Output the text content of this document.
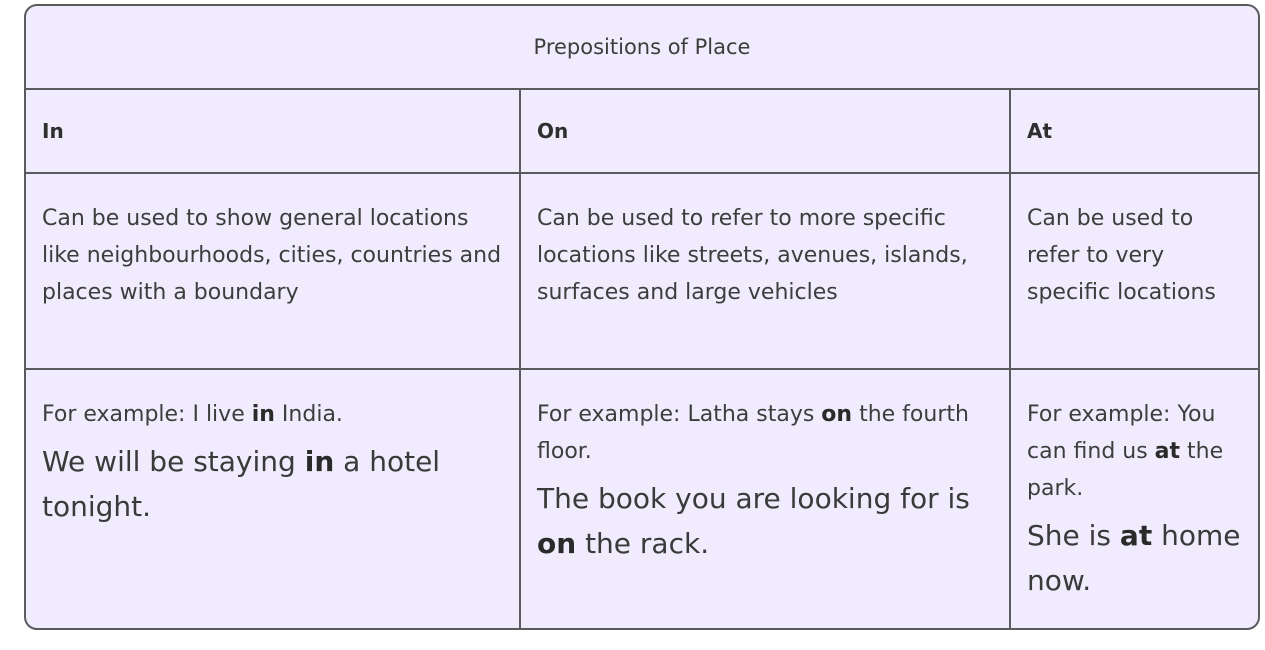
Prepositions of Place
In	On	At
Can be used to show general locations like neighbourhoods, cities, countries and places with a boundary
Can be used to refer to more specific locations like streets, avenues, islands, surfaces and large vehicles
Can be used to refer to very specific locations
For example: I live in India.
We will be staying in a hotel tonight.
For example: Latha stays on the fourth floor.
The book you are looking for is on the rack.
For example: You can find us at the park.
She is at home now.
